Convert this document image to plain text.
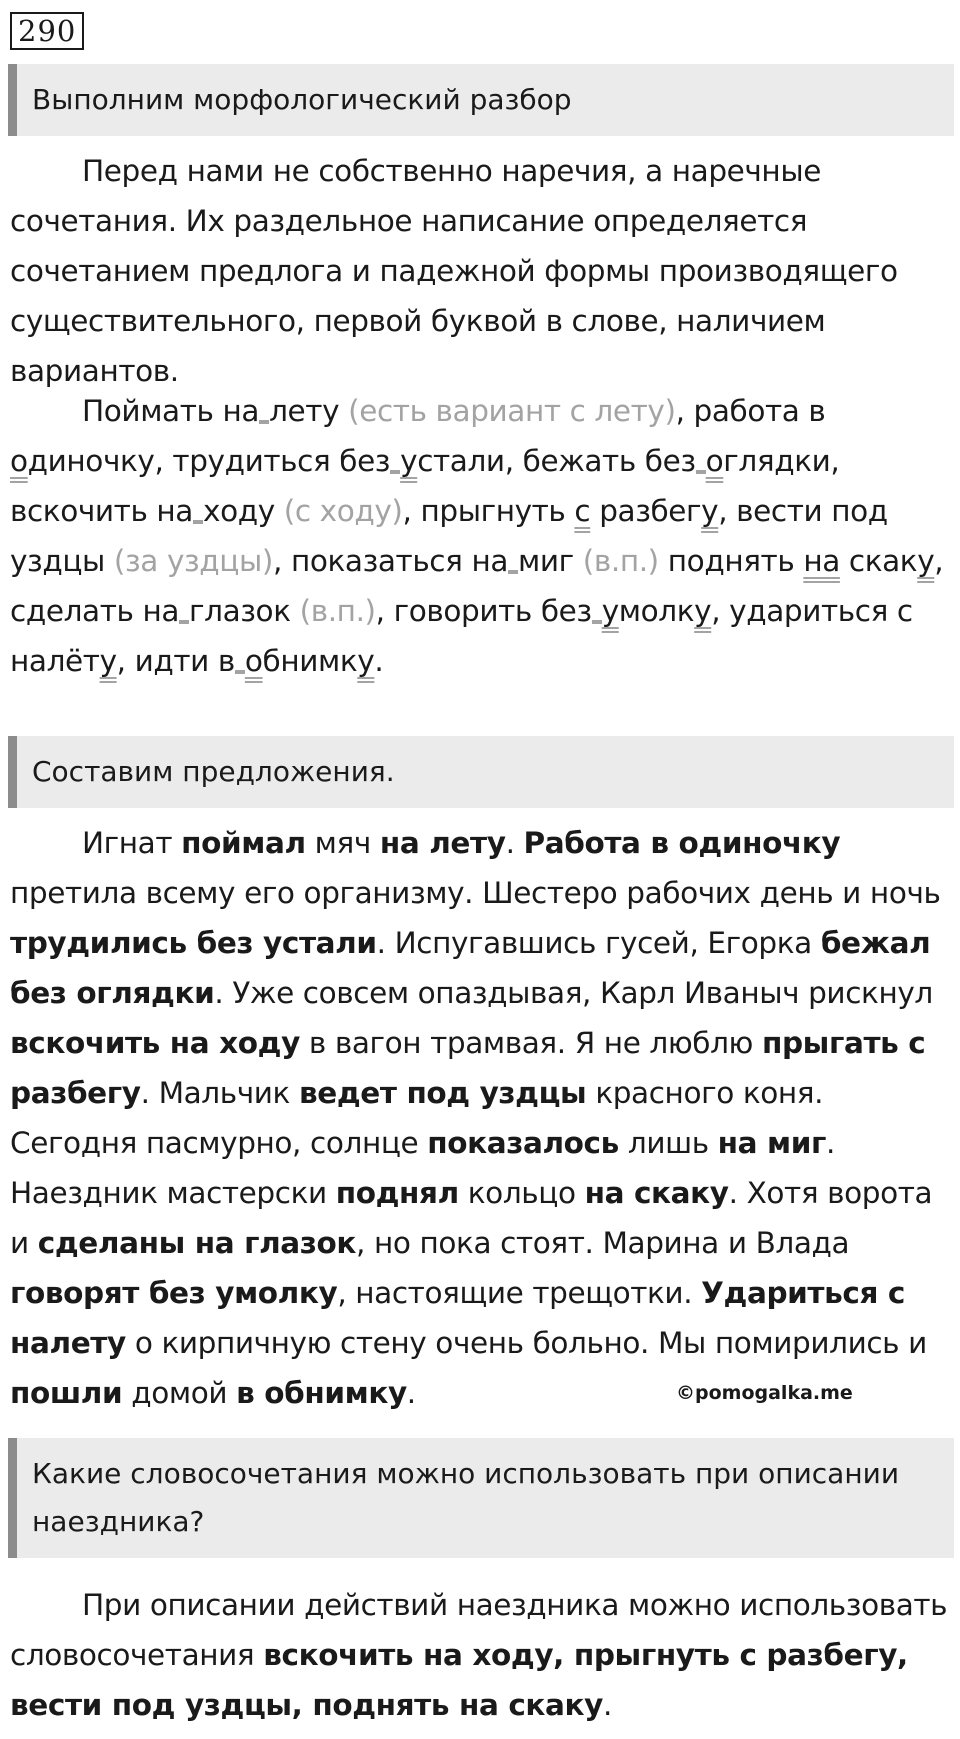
290
Выполним морфологический разбор

Перед нами не собственно наречия, а наречные сочетания. Их раздельное написание определяется сочетанием предлога и падежной формы производящего существительного, первой буквой в слове, наличием вариантов.

Поймать на лету (есть вариант с лету), работа в одиночку, трудиться без устали, бежать без оглядки, вскочить на ходу (с ходу), прыгнуть с разбегу, вести под уздцы (за уздцы), показаться на миг (в.п.) поднять на скаку, сделать на глазок (в.п.), говорить без умолку, удариться с налёту, идти в обнимку.

Составим предложения.

Игнат поймал мяч на лету. Работа в одиночку претила всему его организму. Шестеро рабочих день и ночь трудились без устали. Испугавшись гусей, Егорка бежал без оглядки. Уже совсем опаздывая, Карл Иваныч рискнул вскочить на ходу в вагон трамвая. Я не люблю прыгать с разбегу. Мальчик ведет под уздцы красного коня. Сегодня пасмурно, солнце показалось лишь на миг. Наездник мастерски поднял кольцо на скаку. Хотя ворота и сделаны на глазок, но пока стоят. Марина и Влада говорят без умолку, настоящие трещотки. Удариться с налету о кирпичную стену очень больно. Мы помирились и пошли домой в обнимку.	©pomogalka.me
Какие словосочетания можно использовать при описании наездника?

При описании действий наездника можно использовать словосочетания вскочить на ходу, прыгнуть с разбегу, вести под уздцы, поднять на скаку.
